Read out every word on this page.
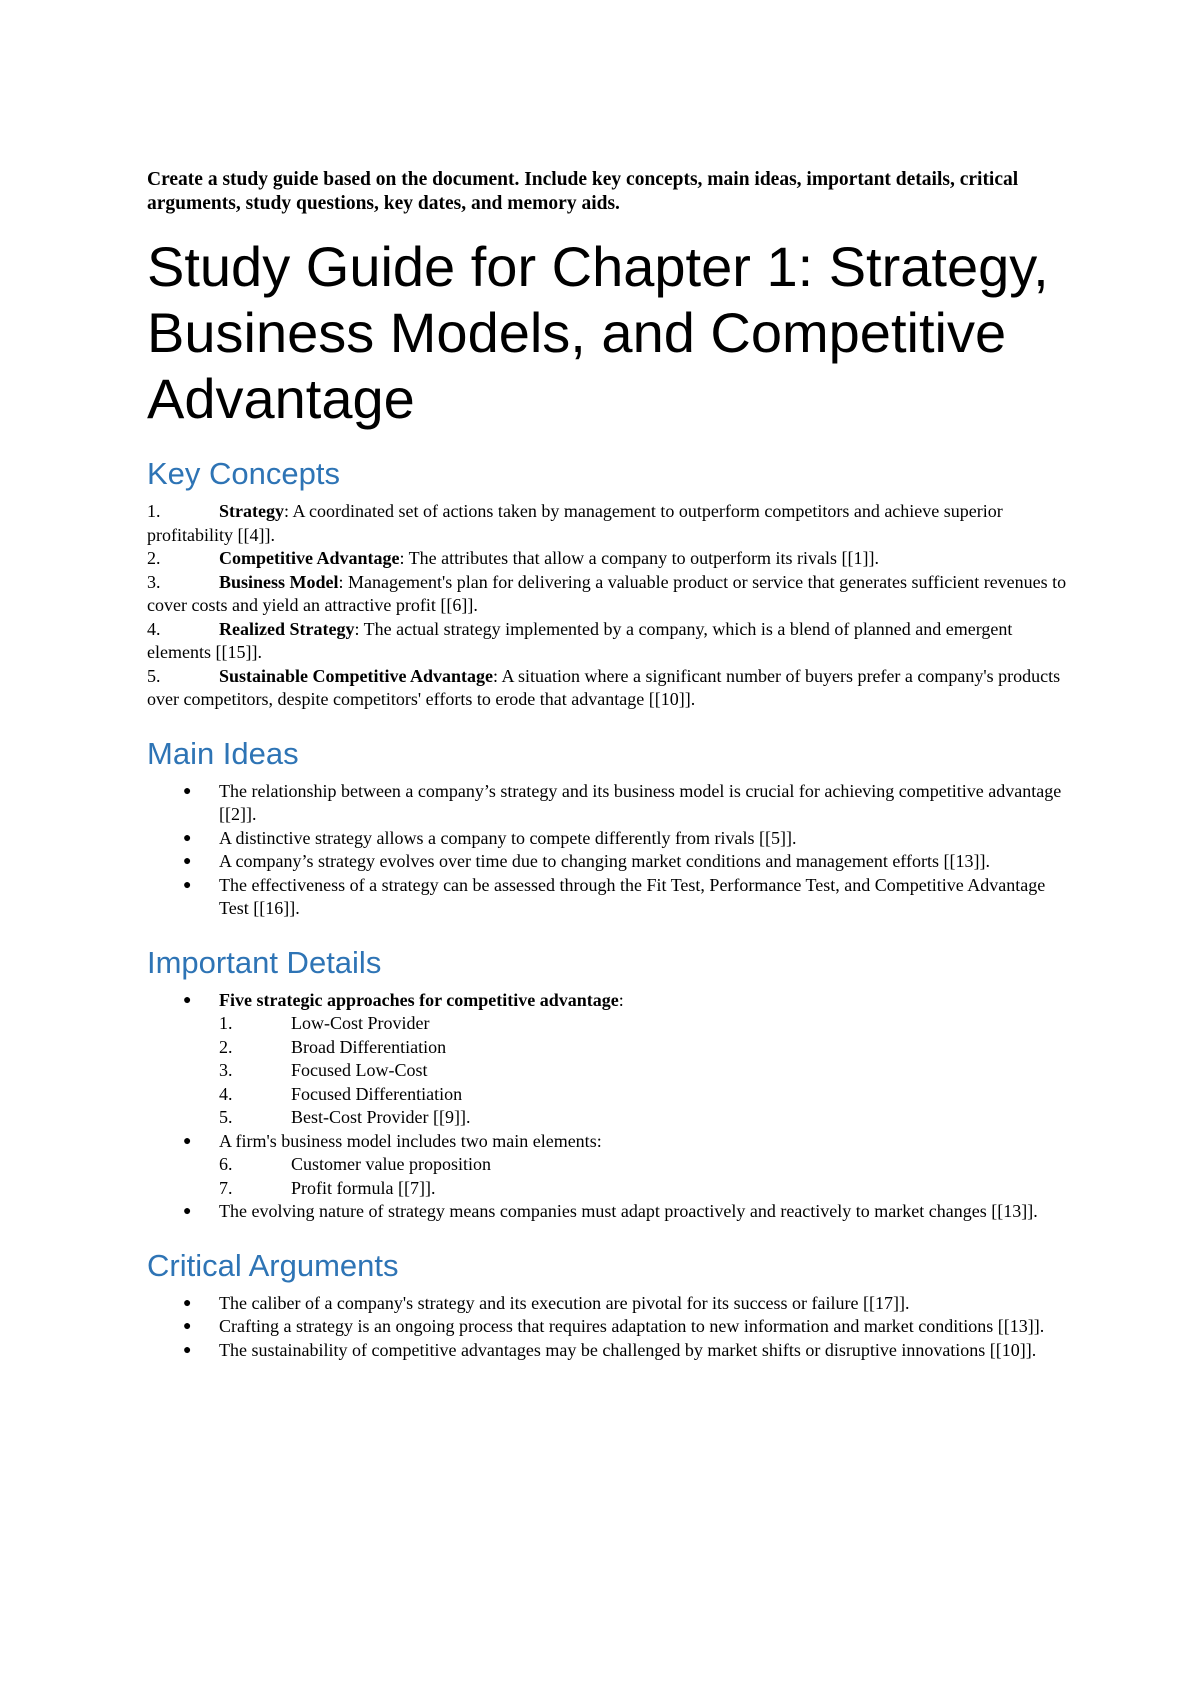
Create a study guide based on the document. Include key concepts, main ideas, important details, critical arguments, study questions, key dates, and memory aids.

Study Guide for Chapter 1: Strategy, Business Models, and Competitive Advantage
Key Concepts
1.	Strategy: A coordinated set of actions taken by management to outperform competitors and achieve superior profitability [[4]].
2.	Competitive Advantage: The attributes that allow a company to outperform its rivals [[1]].
3.	Business Model: Management's plan for delivering a valuable product or service that generates sufficient revenues to cover costs and yield an attractive profit [[6]].
4.	Realized Strategy: The actual strategy implemented by a company, which is a blend of planned and emergent elements [[15]].
5.	Sustainable Competitive Advantage: A situation where a significant number of buyers prefer a company's products over competitors, despite competitors' efforts to erode that advantage [[10]].
Main Ideas
● The relationship between a company’s strategy and its business model is crucial for achieving competitive advantage [[2]].
● A distinctive strategy allows a company to compete differently from rivals [[5]].
● A company’s strategy evolves over time due to changing market conditions and management efforts [[13]].
● The effectiveness of a strategy can be assessed through the Fit Test, Performance Test, and Competitive Advantage Test [[16]].
Important Details
● Five strategic approaches for competitive advantage:
1.	Low-Cost Provider
2.	Broad Differentiation
3.	Focused Low-Cost
4.	Focused Differentiation
5.	Best-Cost Provider [[9]].
● A firm's business model includes two main elements:
6.	Customer value proposition
7.	Profit formula [[7]].
● The evolving nature of strategy means companies must adapt proactively and reactively to market changes [[13]].
Critical Arguments
● The caliber of a company's strategy and its execution are pivotal for its success or failure [[17]].
● Crafting a strategy is an ongoing process that requires adaptation to new information and market conditions [[13]].
● The sustainability of competitive advantages may be challenged by market shifts or disruptive innovations [[10]].
